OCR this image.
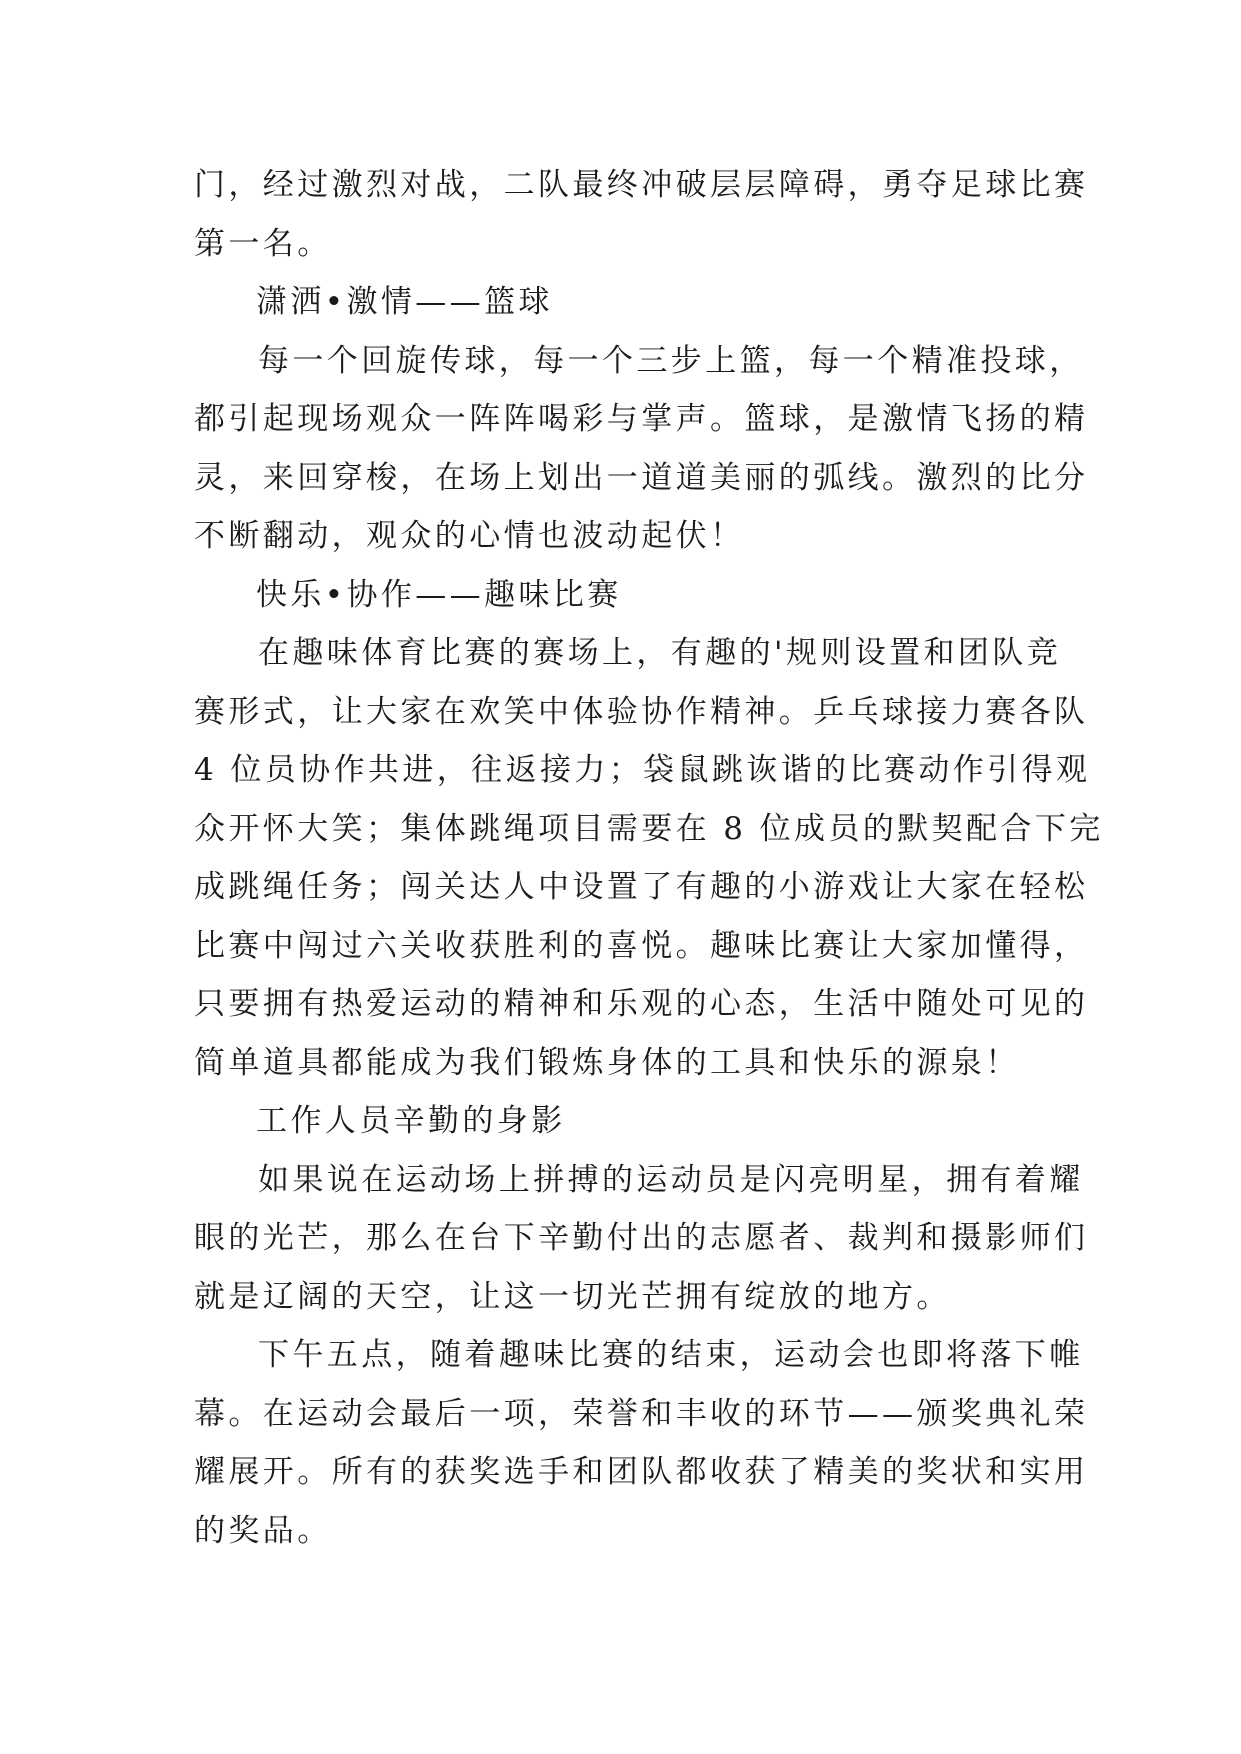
门，经过激烈对战，二队最终冲破层层障碍，勇夺足球比赛
第一名。
潇洒•激情——篮球
每一个回旋传球，每一个三步上篮，每一个精准投球，
都引起现场观众一阵阵喝彩与掌声。篮球，是激情飞扬的精
灵，来回穿梭，在场上划出一道道美丽的弧线。激烈的比分
不断翻动，观众的心情也波动起伏！
快乐•协作——趣味比赛
在趣味体育比赛的赛场上，有趣的'规则设置和团队竞
赛形式，让大家在欢笑中体验协作精神。乒乓球接力赛各队
4 位员协作共进，往返接力；袋鼠跳诙谐的比赛动作引得观
众开怀大笑；集体跳绳项目需要在 8 位成员的默契配合下完
成跳绳任务；闯关达人中设置了有趣的小游戏让大家在轻松
比赛中闯过六关收获胜利的喜悦。趣味比赛让大家加懂得，
只要拥有热爱运动的精神和乐观的心态，生活中随处可见的
简单道具都能成为我们锻炼身体的工具和快乐的源泉！
工作人员辛勤的身影
如果说在运动场上拼搏的运动员是闪亮明星，拥有着耀
眼的光芒，那么在台下辛勤付出的志愿者、裁判和摄影师们
就是辽阔的天空，让这一切光芒拥有绽放的地方。
下午五点，随着趣味比赛的结束，运动会也即将落下帷
幕。在运动会最后一项，荣誉和丰收的环节——颁奖典礼荣
耀展开。所有的获奖选手和团队都收获了精美的奖状和实用
的奖品。
